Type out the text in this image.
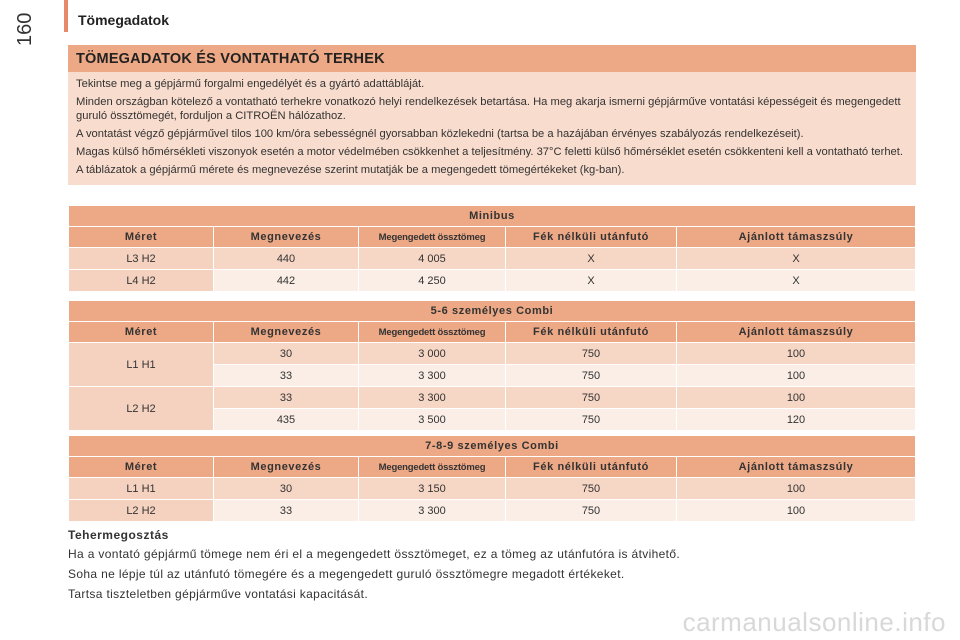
160	Tömegadatok
TÖMEGADATOK ÉS VONTATHATÓ TERHEK

Tekintse meg a gépjármű forgalmi engedélyét és a gyártó adattábláját.

Minden országban kötelező a vontatható terhekre vonatkozó helyi rendelkezések betartása. Ha meg akarja ismerni gépjárműve vontatási képességeit és megengedett guruló össztömegét, forduljon a CITROËN hálózathoz.

A vontatást végző gépjárművel tilos 100 km/óra sebességnél gyorsabban közlekedni (tartsa be a hazájában érvényes szabályozás rendelkezéseit).

Magas külső hőmérsékleti viszonyok esetén a motor védelmében csökkenhet a teljesítmény. 37°C feletti külső hőmérséklet esetén csökkenteni kell a vontatható terhet.

A táblázatok a gépjármű mérete és megnevezése szerint mutatják be a megengedett tömegértékeket (kg-ban).

Minibus				
Méret	Megnevezés	Megengedett össztömeg	Fék nélküli utánfutó	Ajánlott támaszsúly
L3 H2	440	4 005	X	X
L4 H2	442	4 250	X	X
5-6 személyes Combi				
Méret	Megnevezés	Megengedett össztömeg	Fék nélküli utánfutó	Ajánlott támaszsúly
L1 H1	30	3 000	750	100
	33	3 300	750	100
L2 H2	33	3 300	750	100
	435	3 500	750	120
7-8-9 személyes Combi				
Méret	Megnevezés	Megengedett össztömeg	Fék nélküli utánfutó	Ajánlott támaszsúly
L1 H1	30	3 150	750	100
L2 H2	33	3 300	750	100
Tehermegosztás

Ha a vontató gépjármű tömege nem éri el a megengedett össztömeget, ez a tömeg az utánfutóra is átvihető.

Soha ne lépje túl az utánfutó tömegére és a megengedett guruló össztömegre megadott értékeket.

Tartsa tiszteletben gépjárműve vontatási kapacitását.

carmanualsonline.info
